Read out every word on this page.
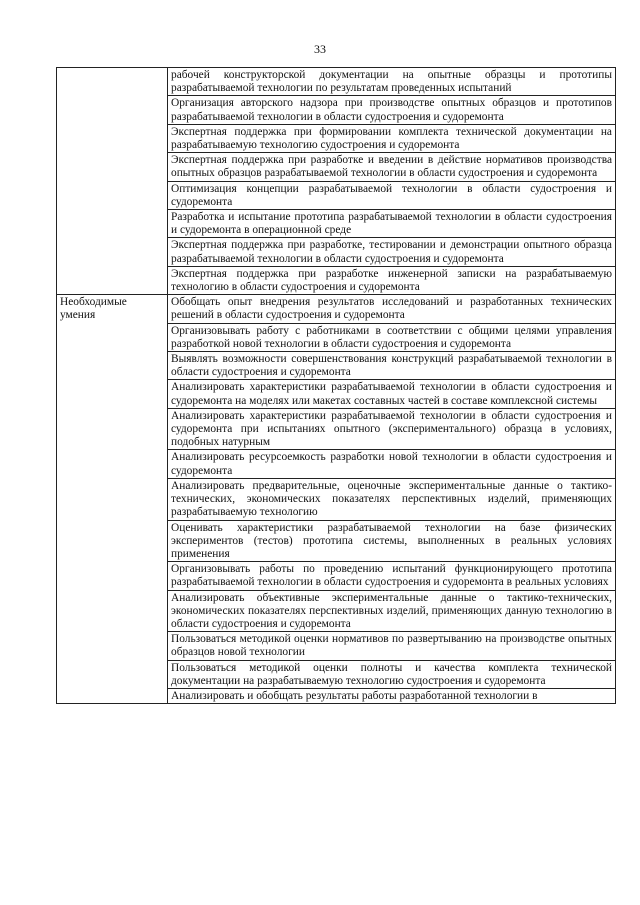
33
	рабочей конструкторской документации на опытные образцы и прототипы разрабатываемой технологии по результатам проведенных испытаний
	Организация авторского надзора при производстве опытных образцов и прототипов разрабатываемой технологии в области судостроения и судоремонта
	Экспертная поддержка при формировании комплекта технической документации на разрабатываемую технологию судостроения и судоремонта
	Экспертная поддержка при разработке и введении в действие нормативов производства опытных образцов разрабатываемой технологии в области судостроения и судоремонта
	Оптимизация концепции разрабатываемой технологии в области судостроения и судоремонта
	Разработка и испытание прототипа разрабатываемой технологии в области судостроения и судоремонта в операционной среде
	Экспертная поддержка при разработке, тестировании и демонстрации опытного образца разрабатываемой технологии в области судостроения и судоремонта
	Экспертная поддержка при разработке инженерной записки на разрабатываемую технологию в области судостроения и судоремонта
Необходимые умения	Обобщать опыт внедрения результатов исследований и разработанных технических решений в области судостроения и судоремонта
	Организовывать работу с работниками в соответствии с общими целями управления разработкой новой технологии в области судостроения и судоремонта
	Выявлять возможности совершенствования конструкций разрабатываемой технологии в области судостроения и судоремонта
	Анализировать характеристики разрабатываемой технологии в области судостроения и судоремонта на моделях или макетах составных частей в составе комплексной системы
	Анализировать характеристики разрабатываемой технологии в области судостроения и судоремонта при испытаниях опытного (экспериментального) образца в условиях, подобных натурным
	Анализировать ресурсоемкость разработки новой технологии в области судостроения и судоремонта
	Анализировать предварительные, оценочные экспериментальные данные о тактико-технических, экономических показателях перспективных изделий, применяющих разрабатываемую технологию
	Оценивать характеристики разрабатываемой технологии на базе физических экспериментов (тестов) прототипа системы, выполненных в реальных условиях применения
	Организовывать работы по проведению испытаний функционирующего прототипа разрабатываемой технологии в области судостроения и судоремонта в реальных условиях
	Анализировать объективные экспериментальные данные о тактико-технических, экономических показателях перспективных изделий, применяющих данную технологию в области судостроения и судоремонта
	Пользоваться методикой оценки нормативов по развертыванию на производстве опытных образцов новой технологии
	Пользоваться методикой оценки полноты и качества комплекта технической документации на разрабатываемую технологию судостроения и судоремонта
	Анализировать и обобщать результаты работы разработанной технологии в
